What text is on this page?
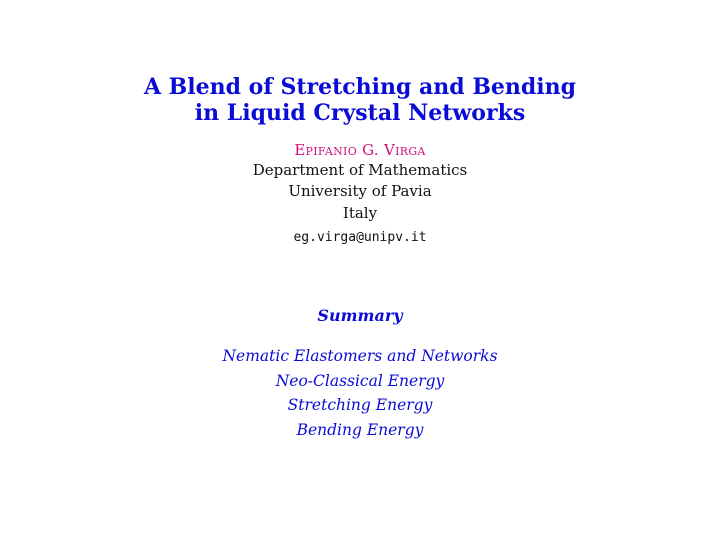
A Blend of Stretching and Bending
in Liquid Crystal Networks
Epifanio G. Virga
Department of Mathematics
University of Pavia
Italy
eg.virga@unipv.it
Summary
Nematic Elastomers and Networks
Neo-Classical Energy
Stretching Energy
Bending Energy
